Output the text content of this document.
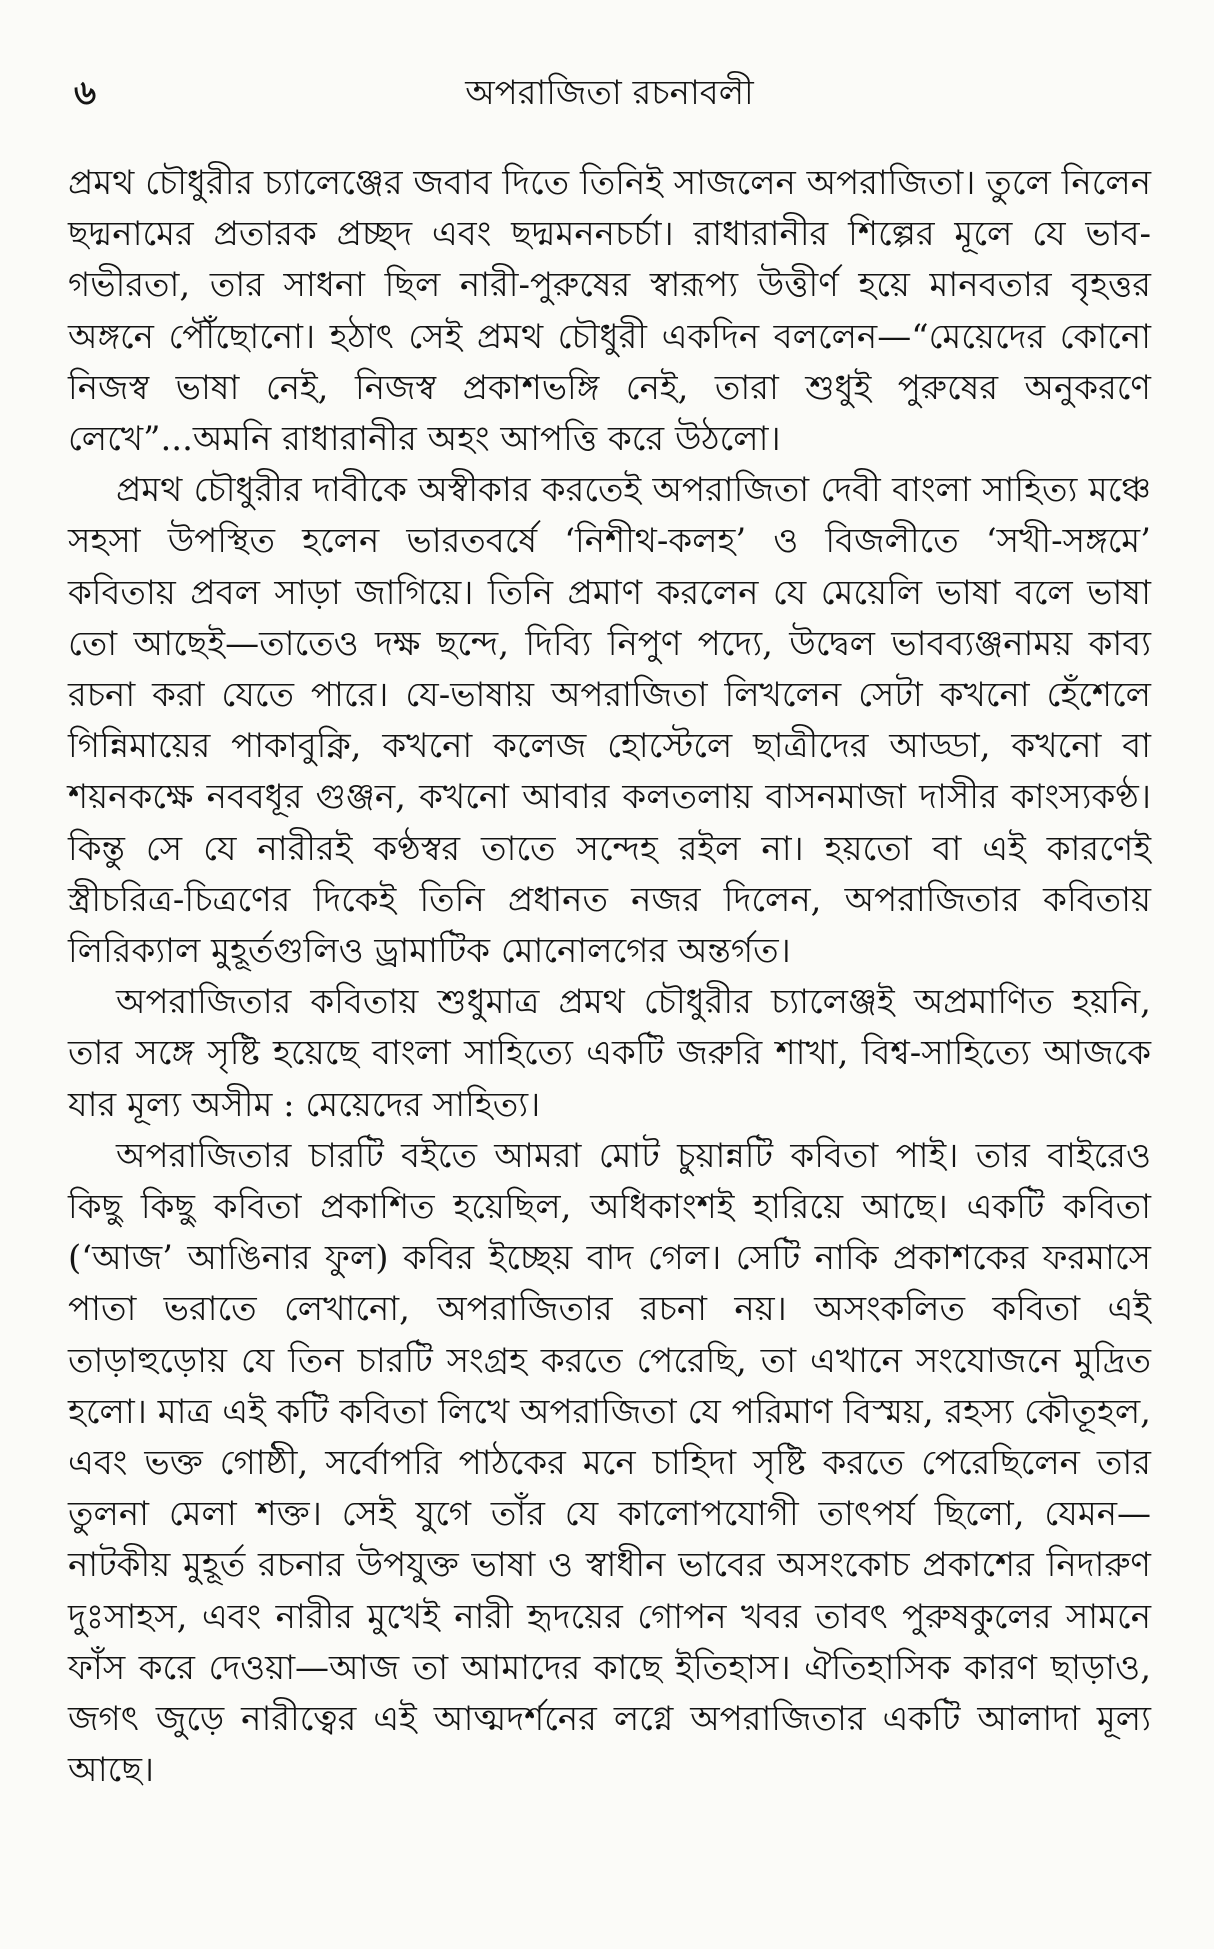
৬	অপরাজিতা রচনাবলী

প্রমথ চৌধুরীর চ্যালেঞ্জের জবাব দিতে তিনিই সাজলেন অপরাজিতা। তুলে নিলেন ছদ্মনামের প্রতারক প্রচ্ছদ এবং ছদ্মমননচর্চা। রাধারানীর শিল্পের মূলে যে ভাব-গভীরতা, তার সাধনা ছিল নারী-পুরুষের স্বারূপ্য উত্তীর্ণ হয়ে মানবতার বৃহত্তর অঙ্গনে পৌঁছোনো। হঠাৎ সেই প্রমথ চৌধুরী একদিন বললেন—“মেয়েদের কোনো নিজস্ব ভাষা নেই, নিজস্ব প্রকাশভঙ্গি নেই, তারা শুধুই পুরুষের অনুকরণে লেখে”...অমনি রাধারানীর অহং আপত্তি করে উঠলো।

প্রমথ চৌধুরীর দাবীকে অস্বীকার করতেই অপরাজিতা দেবী বাংলা সাহিত্য মঞ্চে সহসা উপস্থিত হলেন ভারতবর্ষে ‘নিশীথ-কলহ’ ও বিজলীতে ‘সখী-সঙ্গমে’ কবিতায় প্রবল সাড়া জাগিয়ে। তিনি প্রমাণ করলেন যে মেয়েলি ভাষা বলে ভাষা তো আছেই—তাতেও দক্ষ ছন্দে, দিব্যি নিপুণ পদ্যে, উদ্বেল ভাবব্যঞ্জনাময় কাব্য রচনা করা যেতে পারে। যে-ভাষায় অপরাজিতা লিখলেন সেটা কখনো হেঁশেলে গিন্নিমায়ের পাকাবুক্নি, কখনো কলেজ হোস্টেলে ছাত্রীদের আড্ডা, কখনো বা শয়নকক্ষে নববধূর গুঞ্জন, কখনো আবার কলতলায় বাসনমাজা দাসীর কাংস্যকণ্ঠ। কিন্তু সে যে নারীরই কণ্ঠস্বর তাতে সন্দেহ রইল না। হয়তো বা এই কারণেই স্ত্রীচরিত্র-চিত্রণের দিকেই তিনি প্রধানত নজর দিলেন, অপরাজিতার কবিতায় লিরিক্যাল মুহূর্তগুলিও ড্রামাটিক মোনোলগের অন্তর্গত।

অপরাজিতার কবিতায় শুধুমাত্র প্রমথ চৌধুরীর চ্যালেঞ্জই অপ্রমাণিত হয়নি, তার সঙ্গে সৃষ্টি হয়েছে বাংলা সাহিত্যে একটি জরুরি শাখা, বিশ্ব-সাহিত্যে আজকে যার মূল্য অসীম : মেয়েদের সাহিত্য।

অপরাজিতার চারটি বইতে আমরা মোট চুয়ান্নটি কবিতা পাই। তার বাইরেও কিছু কিছু কবিতা প্রকাশিত হয়েছিল, অধিকাংশই হারিয়ে আছে। একটি কবিতা (‘আজ’ আঙিনার ফুল) কবির ইচ্ছেয় বাদ গেল। সেটি নাকি প্রকাশকের ফরমাসে পাতা ভরাতে লেখানো, অপরাজিতার রচনা নয়। অসংকলিত কবিতা এই তাড়াহুড়োয় যে তিন চারটি সংগ্রহ করতে পেরেছি, তা এখানে সংযোজনে মুদ্রিত হলো। মাত্র এই কটি কবিতা লিখে অপরাজিতা যে পরিমাণ বিস্ময়, রহস্য কৌতূহল, এবং ভক্ত গোষ্ঠী, সর্বোপরি পাঠকের মনে চাহিদা সৃষ্টি করতে পেরেছিলেন তার তুলনা মেলা শক্ত। সেই যুগে তাঁর যে কালোপযোগী তাৎপর্য ছিলো, যেমন—নাটকীয় মুহূর্ত রচনার উপযুক্ত ভাষা ও স্বাধীন ভাবের অসংকোচ প্রকাশের নিদারুণ দুঃসাহস, এবং নারীর মুখেই নারী হৃদয়ের গোপন খবর তাবৎ পুরুষকুলের সামনে ফাঁস করে দেওয়া—আজ তা আমাদের কাছে ইতিহাস। ঐতিহাসিক কারণ ছাড়াও, জগৎ জুড়ে নারীত্বের এই আত্মদর্শনের লগ্নে অপরাজিতার একটি আলাদা মূল্য আছে।
